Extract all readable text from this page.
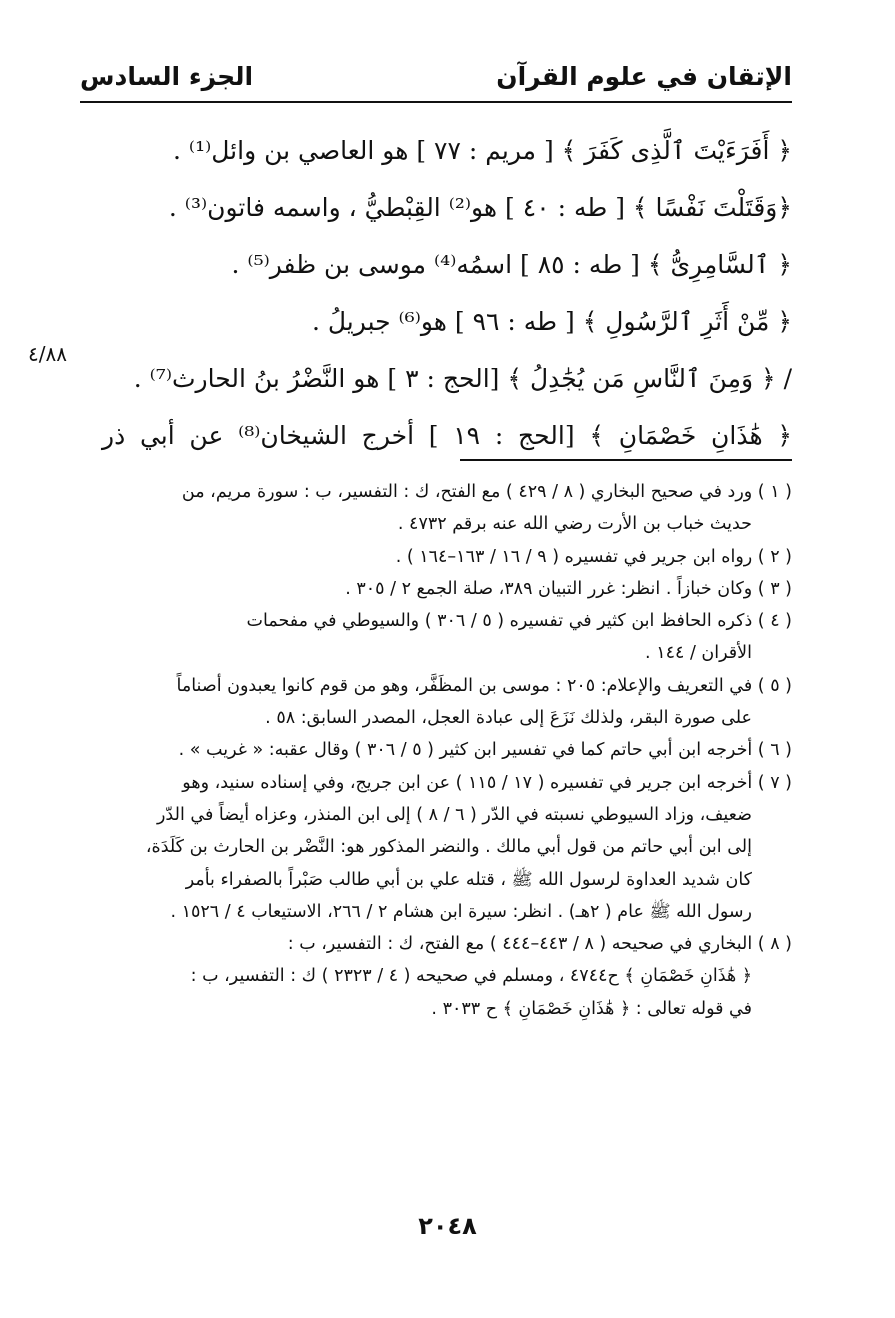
الإتقان في علوم القرآن
الجزء السادس
٤/٨٨
﴿ أَفَرَءَيْتَ ٱلَّذِى كَفَرَ ﴾ [ مريم : ٧٧ ] هو العاصي بن وائل⁽¹⁾ .
﴿وَقَتَلْتَ نَفْسًا ﴾ [ طه : ٤٠ ] هو⁽²⁾ القِبْطيُّ ، واسمه فاتون⁽³⁾ .
﴿ ٱلسَّامِرِىُّ ﴾ [ طه : ٨٥ ] اسمُه⁽⁴⁾ موسى بن ظفر⁽⁵⁾ .
﴿ مِّنْ أَثَرِ ٱلرَّسُولِ ﴾ [ طه : ٩٦ ] هو⁽⁶⁾ جبريلُ .
/ ﴿ وَمِنَ ٱلنَّاسِ مَن يُجَٰدِلُ ﴾ [الحج : ٣ ] هو النَّضْرُ بنُ الحارث⁽⁷⁾ .
﴿ هَٰذَانِ خَصْمَانِ ﴾ [الحج : ١٩ ] أخرج الشيخان⁽⁸⁾ عن أبي ذر
( ١ ) ورد في صحيح البخاري ( ٨ / ٤٢٩ ) مع الفتح، ك : التفسير، ب : سورة مريم، من
حديث خباب بن الأرت رضي الله عنه برقم ٤٧٣٢ .
( ٢ ) رواه ابن جرير في تفسيره ( ٩ / ١٦ / ١٦٣–١٦٤ ) .
( ٣ ) وكان خبازاً . انظر: غرر التبيان ٣٨٩، صلة الجمع ٢ / ٣٠٥ .
( ٤ ) ذكره الحافظ ابن كثير في تفسيره ( ٥ / ٣٠٦ ) والسيوطي في مفحمات
الأقران / ١٤٤ .
( ٥ ) في التعريف والإعلام: ٢٠٥ : موسى بن المظَفَّر، وهو من قوم كانوا يعبدون أصناماً
على صورة البقر، ولذلك نَزَعَ إلى عبادة العجل، المصدر السابق: ٥٨ .
( ٦ ) أخرجه ابن أبي حاتم كما في تفسير ابن كثير ( ٥ / ٣٠٦ ) وقال عقبه: « غريب » .
( ٧ ) أخرجه ابن جرير في تفسيره ( ١٧ / ١١٥ ) عن ابن جريج، وفي إسناده سنيد، وهو
ضعيف، وزاد السيوطي نسبته في الدّر ( ٦ / ٨ ) إلى ابن المنذر، وعزاه أيضاً في الدّر
إلى ابن أبي حاتم من قول أبي مالك . والنضر المذكور هو: النَّضْر بن الحارث بن كَلَدَة،
كان شديد العداوة لرسول الله ﷺ ، قتله علي بن أبي طالب صَبْراً بالصفراء بأمر
رسول الله ﷺ عام ( ٢هـ) . انظر: سيرة ابن هشام ٢ / ٢٦٦، الاستيعاب ٤ / ١٥٢٦ .
( ٨ ) البخاري في صحيحه ( ٨ / ٤٤٣–٤٤٤ ) مع الفتح، ك : التفسير، ب :
﴿ هَٰذَانِ خَصْمَانِ ﴾ ح٤٧٤٤ ، ومسلم في صحيحه ( ٤ / ٢٣٢٣ ) ك : التفسير، ب :
في قوله تعالى : ﴿ هَٰذَانِ خَصْمَانِ ﴾ ح ٣٠٣٣ .
٢٠٤٨
